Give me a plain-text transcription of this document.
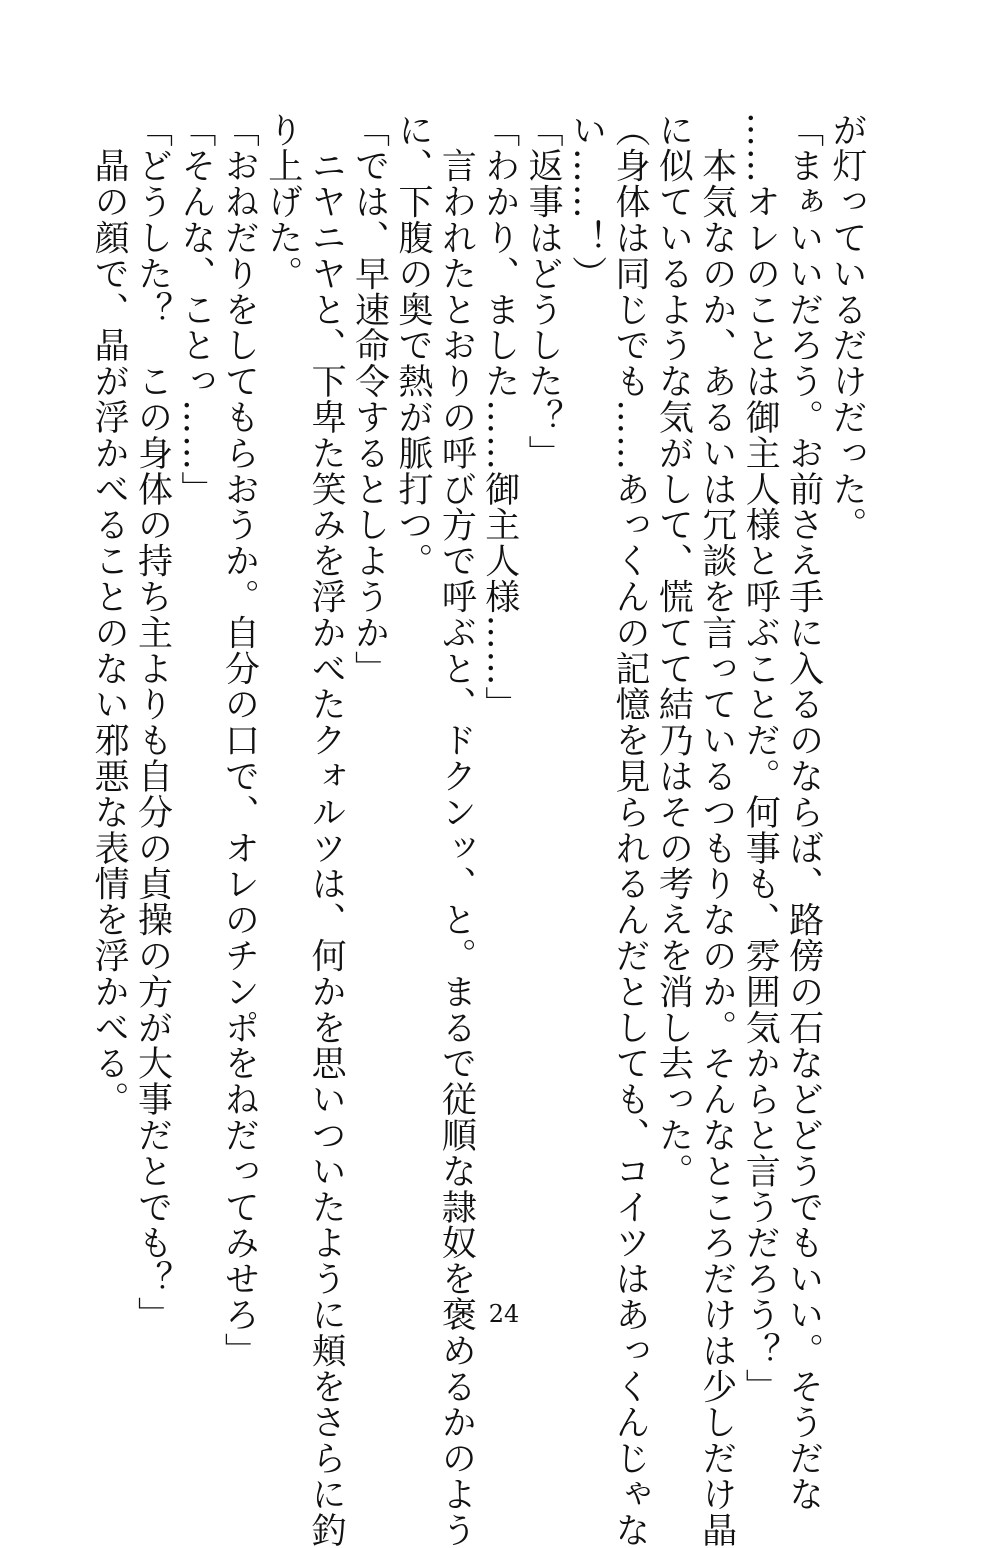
が灯っているだけだった。

「まぁいいだろう。お前さえ手に入るのならば、路傍の石などどうでもいい。そうだな

……オレのことは御主人様と呼ぶことだ。何事も、雰囲気からと言うだろう？」

　本気なのか、あるいは冗談を言っているつもりなのか。そんなところだけは少しだけ晶

に似ているような気がして、慌てて結乃はその考えを消し去った。

（身体は同じでも……あっくんの記憶を見られるんだとしても、コイツはあっくんじゃな

い……！）

「返事はどうした？」

「わかり、ました……御主人様……」

　言われたとおりの呼び方で呼ぶと、ドクンッ、と。まるで従順な隷奴を褒めるかのよう

に、下腹の奥で熱が脈打つ。

「では、早速命令するとしようか」

　ニヤニヤと、下卑た笑みを浮かべたクォルツは、何かを思いついたように頬をさらに釣

り上げた。

「おねだりをしてもらおうか。自分の口で、オレのチンポをねだってみせろ」

「そんな、ことっ……」

「どうした？　この身体の持ち主よりも自分の貞操の方が大事だとでも？」

　晶の顔で、晶が浮かべることのない邪悪な表情を浮かべる。

24
